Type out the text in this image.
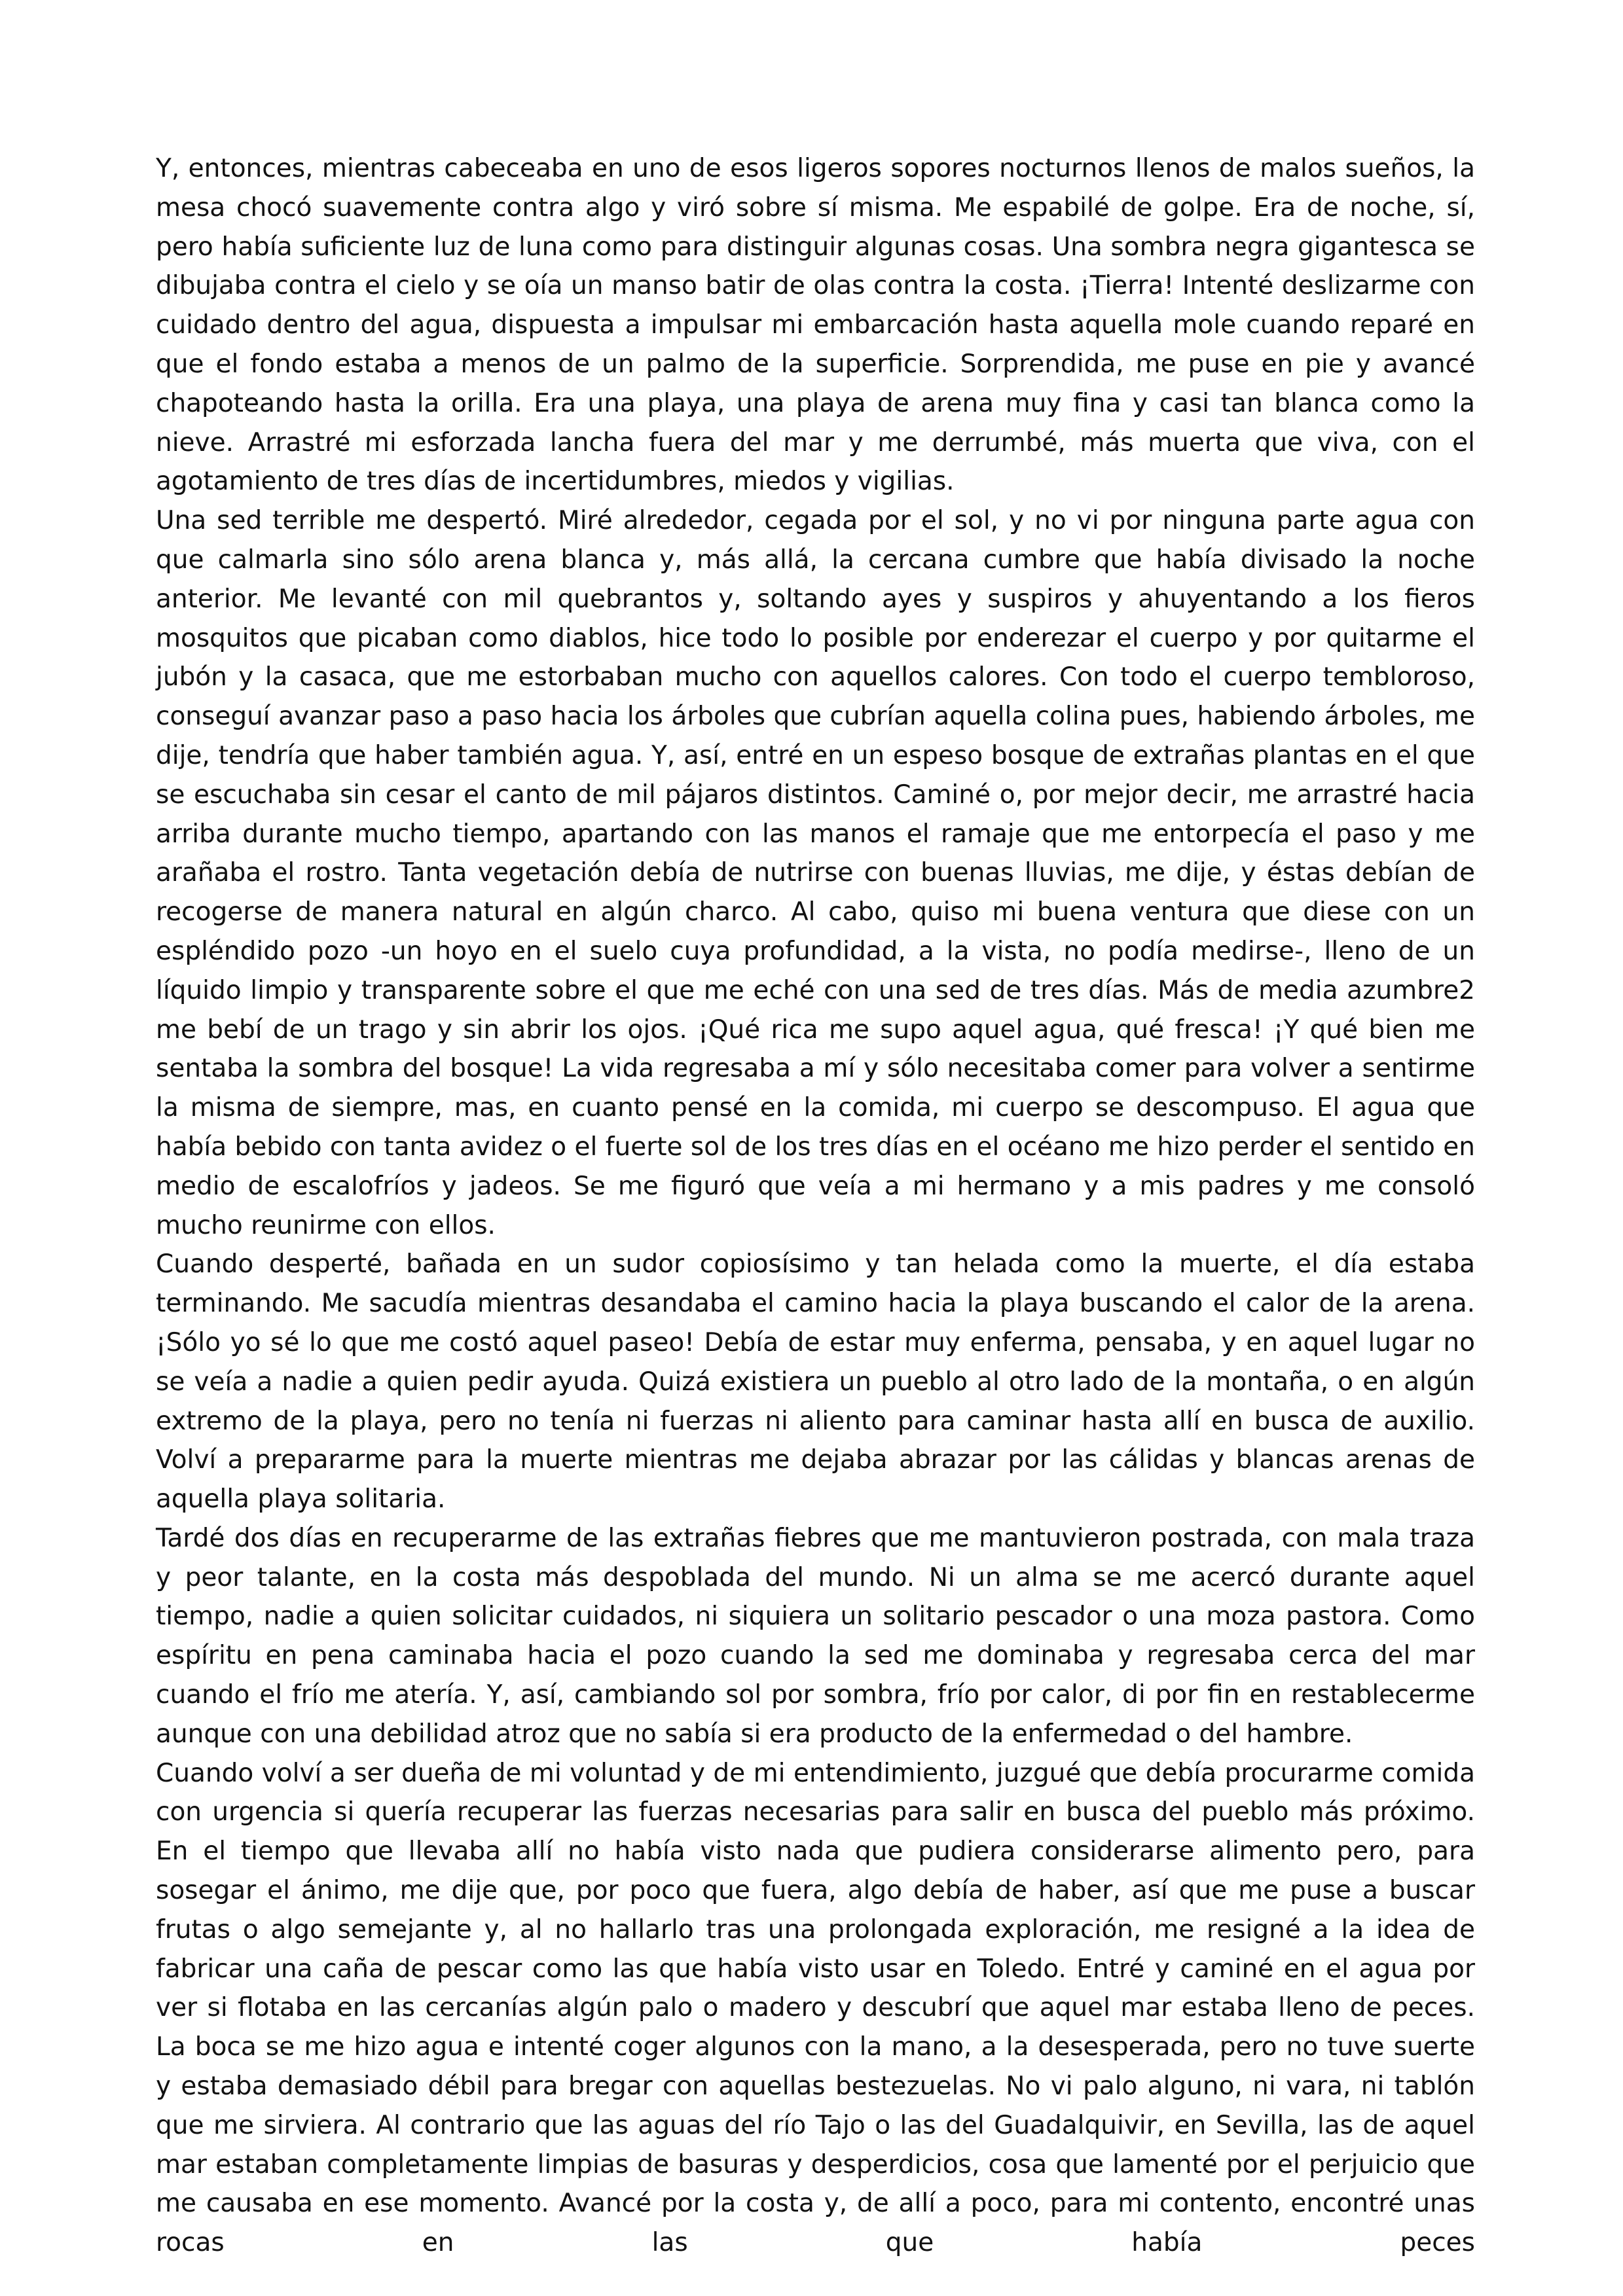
Y, entonces, mientras cabeceaba en uno de esos ligeros sopores nocturnos llenos de malos sueños, la mesa chocó suavemente contra algo y viró sobre sí misma. Me espabilé de golpe. Era de noche, sí, pero había suficiente luz de luna como para distinguir algunas cosas. Una sombra negra gigantesca se dibujaba contra el cielo y se oía un manso batir de olas contra la costa. ¡Tierra! Intenté deslizarme con cuidado dentro del agua, dispuesta a impulsar mi embarcación hasta aquella mole cuando reparé en que el fondo estaba a menos de un palmo de la superficie. Sorprendida, me puse en pie y avancé chapoteando hasta la orilla. Era una playa, una playa de arena muy fina y casi tan blanca como la nieve. Arrastré mi esforzada lancha fuera del mar y me derrumbé, más muerta que viva, con el agotamiento de tres días de incertidumbres, miedos y vigilias.

Una sed terrible me despertó. Miré alrededor, cegada por el sol, y no vi por ninguna parte agua con que calmarla sino sólo arena blanca y, más allá, la cercana cumbre que había divisado la noche anterior. Me levanté con mil quebrantos y, soltando ayes y suspiros y ahuyentando a los fieros mosquitos que picaban como diablos, hice todo lo posible por enderezar el cuerpo y por quitarme el jubón y la casaca, que me estorbaban mucho con aquellos calores. Con todo el cuerpo tembloroso, conseguí avanzar paso a paso hacia los árboles que cubrían aquella colina pues, habiendo árboles, me dije, tendría que haber también agua. Y, así, entré en un espeso bosque de extrañas plantas en el que se escuchaba sin cesar el canto de mil pájaros distintos. Caminé o, por mejor decir, me arrastré hacia arriba durante mucho tiempo, apartando con las manos el ramaje que me entorpecía el paso y me arañaba el rostro. Tanta vegetación debía de nutrirse con buenas lluvias, me dije, y éstas debían de recogerse de manera natural en algún charco. Al cabo, quiso mi buena ventura que diese con un espléndido pozo -un hoyo en el suelo cuya profundidad, a la vista, no podía medirse-, lleno de un líquido limpio y transparente sobre el que me eché con una sed de tres días. Más de media azumbre2 me bebí de un trago y sin abrir los ojos. ¡Qué rica me supo aquel agua, qué fresca! ¡Y qué bien me sentaba la sombra del bosque! La vida regresaba a mí y sólo necesitaba comer para volver a sentirme la misma de siempre, mas, en cuanto pensé en la comida, mi cuerpo se descompuso. El agua que había bebido con tanta avidez o el fuerte sol de los tres días en el océano me hizo perder el sentido en medio de escalofríos y jadeos. Se me figuró que veía a mi hermano y a mis padres y me consoló mucho reunirme con ellos.

Cuando desperté, bañada en un sudor copiosísimo y tan helada como la muerte, el día estaba terminando. Me sacudía mientras desandaba el camino hacia la playa buscando el calor de la arena. ¡Sólo yo sé lo que me costó aquel paseo! Debía de estar muy enferma, pensaba, y en aquel lugar no se veía a nadie a quien pedir ayuda. Quizá existiera un pueblo al otro lado de la montaña, o en algún extremo de la playa, pero no tenía ni fuerzas ni aliento para caminar hasta allí en busca de auxilio. Volví a prepararme para la muerte mientras me dejaba abrazar por las cálidas y blancas arenas de aquella playa solitaria.

Tardé dos días en recuperarme de las extrañas fiebres que me mantuvieron postrada, con mala traza y peor talante, en la costa más despoblada del mundo. Ni un alma se me acercó durante aquel tiempo, nadie a quien solicitar cuidados, ni siquiera un solitario pescador o una moza pastora. Como espíritu en pena caminaba hacia el pozo cuando la sed me dominaba y regresaba cerca del mar cuando el frío me atería. Y, así, cambiando sol por sombra, frío por calor, di por fin en restablecerme aunque con una debilidad atroz que no sabía si era producto de la enfermedad o del hambre.

Cuando volví a ser dueña de mi voluntad y de mi entendimiento, juzgué que debía procurarme comida con urgencia si quería recuperar las fuerzas necesarias para salir en busca del pueblo más próximo. En el tiempo que llevaba allí no había visto nada que pudiera considerarse alimento pero, para sosegar el ánimo, me dije que, por poco que fuera, algo debía de haber, así que me puse a buscar frutas o algo semejante y, al no hallarlo tras una prolongada exploración, me resigné a la idea de fabricar una caña de pescar como las que había visto usar en Toledo. Entré y caminé en el agua por ver si flotaba en las cercanías algún palo o madero y descubrí que aquel mar estaba lleno de peces. La boca se me hizo agua e intenté coger algunos con la mano, a la desesperada, pero no tuve suerte y estaba demasiado débil para bregar con aquellas bestezuelas. No vi palo alguno, ni vara, ni tablón que me sirviera. Al contrario que las aguas del río Tajo o las del Guadalquivir, en Sevilla, las de aquel mar estaban completamente limpias de basuras y desperdicios, cosa que lamenté por el perjuicio que me causaba en ese momento. Avancé por la costa y, de allí a poco, para mi contento, encontré unas rocas en las que había peces
